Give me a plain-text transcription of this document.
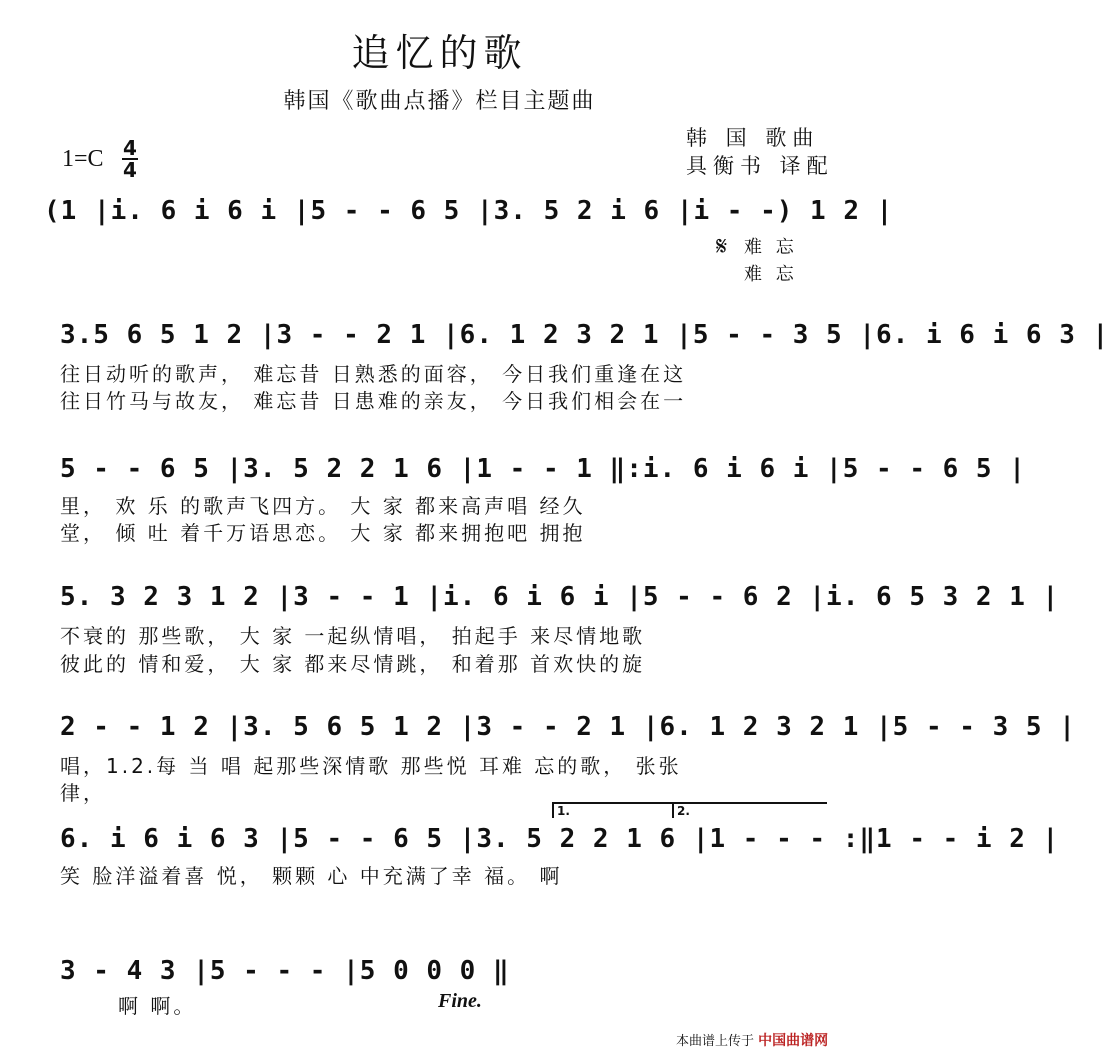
追忆的歌
韩国《歌曲点播》栏目主题曲
韩 国 歌曲
具衡书 译配
1=C 4
4
(1 |i. 6 i 6 i |5 - - 6 5 |3. 5 2 i 6 |i - -) 1 2 |
𝄋 难 忘
难 忘
3.5 6 5 1 2 |3 - - 2 1 |6. 1 2 3 2 1 |5 - - 3 5 |6. i 6 i 6 3 |
往日动听的歌声， 难忘昔 日熟悉的面容， 今日我们重逢在这
往日竹马与故友， 难忘昔 日患难的亲友， 今日我们相会在一
5 - - 6 5 |3. 5 2 2 1 6 |1 - - 1 ‖:i. 6 i 6 i |5 - - 6 5 |
里， 欢 乐 的歌声飞四方。 大 家 都来高声唱 经久
堂， 倾 吐 着千万语思恋。 大 家 都来拥抱吧 拥抱
5. 3 2 3 1 2 |3 - - 1 |i. 6 i 6 i |5 - - 6 2 |i. 6 5 3 2 1 |
不衰的 那些歌， 大 家 一起纵情唱， 拍起手 来尽情地歌
彼此的 情和爱， 大 家 都来尽情跳， 和着那 首欢快的旋
2 - - 1 2 |3. 5 6 5 1 2 |3 - - 2 1 |6. 1 2 3 2 1 |5 - - 3 5 |
唱，1.2.每 当 唱 起那些深情歌 那些悦 耳难 忘的歌， 张张
律，
1.	2.
6. i 6 i 6 3 |5 - - 6 5 |3. 5 2 2 1 6 |1 - - - :‖1 - - i 2 |
笑 脸洋溢着喜 悦， 颗颗 心 中充满了幸 福。 啊
3 - 4 3 |5 - - - |5 0 0 0 ‖
啊 啊。	Fine.
本曲谱上传于 中国曲谱网
